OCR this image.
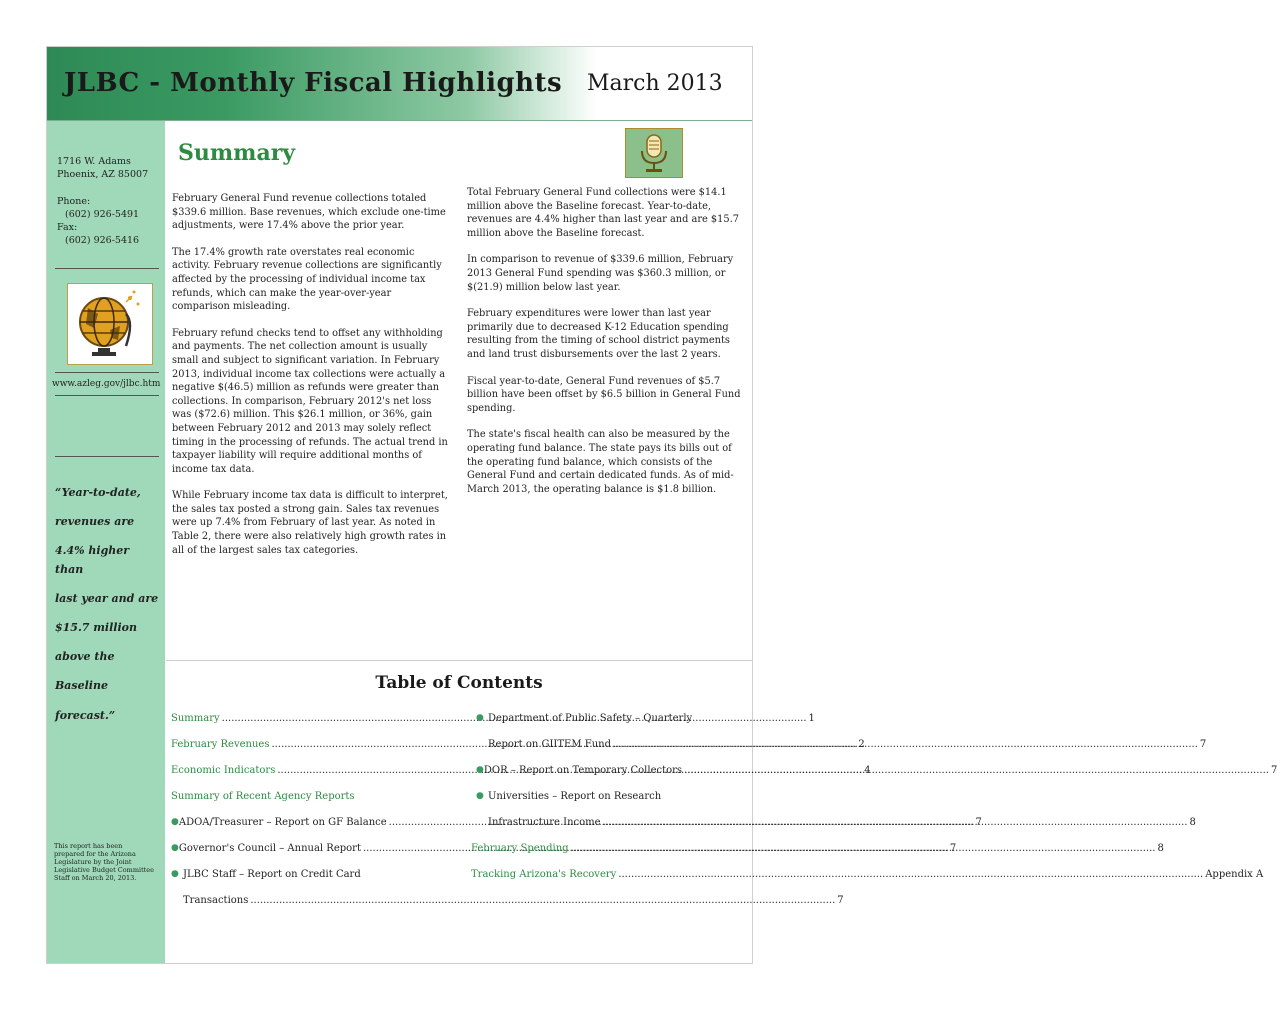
JLBC - Monthly Fiscal Highlights March 2013
1716 W. Adams
Phoenix, AZ 85007
Phone:
(602) 926-5491
Fax:
(602) 926-5416
www.azleg.gov/jlbc.htm

“Year-to-date,

revenues are

4.4% higher than

last year and are

$15.7 million

above the

Baseline

forecast.”

This report has been prepared for the Arizona Legislature by the Joint Legislative Budget Committee Staff on March 20, 2013.
Summary

February General Fund revenue collections totaled $339.6 million. Base revenues, which exclude one-time adjustments, were 17.4% above the prior year.

The 17.4% growth rate overstates real economic activity. February revenue collections are significantly affected by the processing of individual income tax refunds, which can make the year-over-year comparison misleading.

February refund checks tend to offset any withholding and payments. The net collection amount is usually small and subject to significant variation. In February 2013, individual income tax collections were actually a negative $(46.5) million as refunds were greater than collections. In comparison, February 2012's net loss was ($72.6) million. This $26.1 million, or 36%, gain between February 2012 and 2013 may solely reflect timing in the processing of refunds. The actual trend in taxpayer liability will require additional months of income tax data.

While February income tax data is difficult to interpret, the sales tax posted a strong gain. Sales tax revenues were up 7.4% from February of last year. As noted in Table 2, there were also relatively high growth rates in all of the largest sales tax categories.

Total February General Fund collections were $14.1 million above the Baseline forecast. Year-to-date, revenues are 4.4% higher than last year and are $15.7 million above the Baseline forecast.

In comparison to revenue of $339.6 million, February 2013 General Fund spending was $360.3 million, or $(21.9) million below last year.

February expenditures were lower than last year primarily due to decreased K-12 Education spending resulting from the timing of school district payments and land trust disbursements over the last 2 years.

Fiscal year-to-date, General Fund revenues of $5.7 billion have been offset by $6.5 billion in General Fund spending.

The state's fiscal health can also be measured by the operating fund balance. The state pays its bills out of the operating fund balance, which consists of the General Fund and certain dedicated funds. As of mid-March 2013, the operating balance is $1.8 billion.

Table of Contents
Summary .....	1
February Revenues .....	2
Economic Indicators .....	4
Summary of Recent Agency Reports
● ADOA/Treasurer – Report on GF Balance .....	7
● Governor's Council – Annual Report .....	7
● JLBC Staff – Report on Credit Card
Transactions .....	7
● Department of Public Safety – Quarterly
Report on GIITEM Fund .....	7
● DOR – Report on Temporary Collectors .....	7
● Universities – Report on Research
Infrastructure Income .....	8
February Spending .....	8
Tracking Arizona's Recovery .....	Appendix A
